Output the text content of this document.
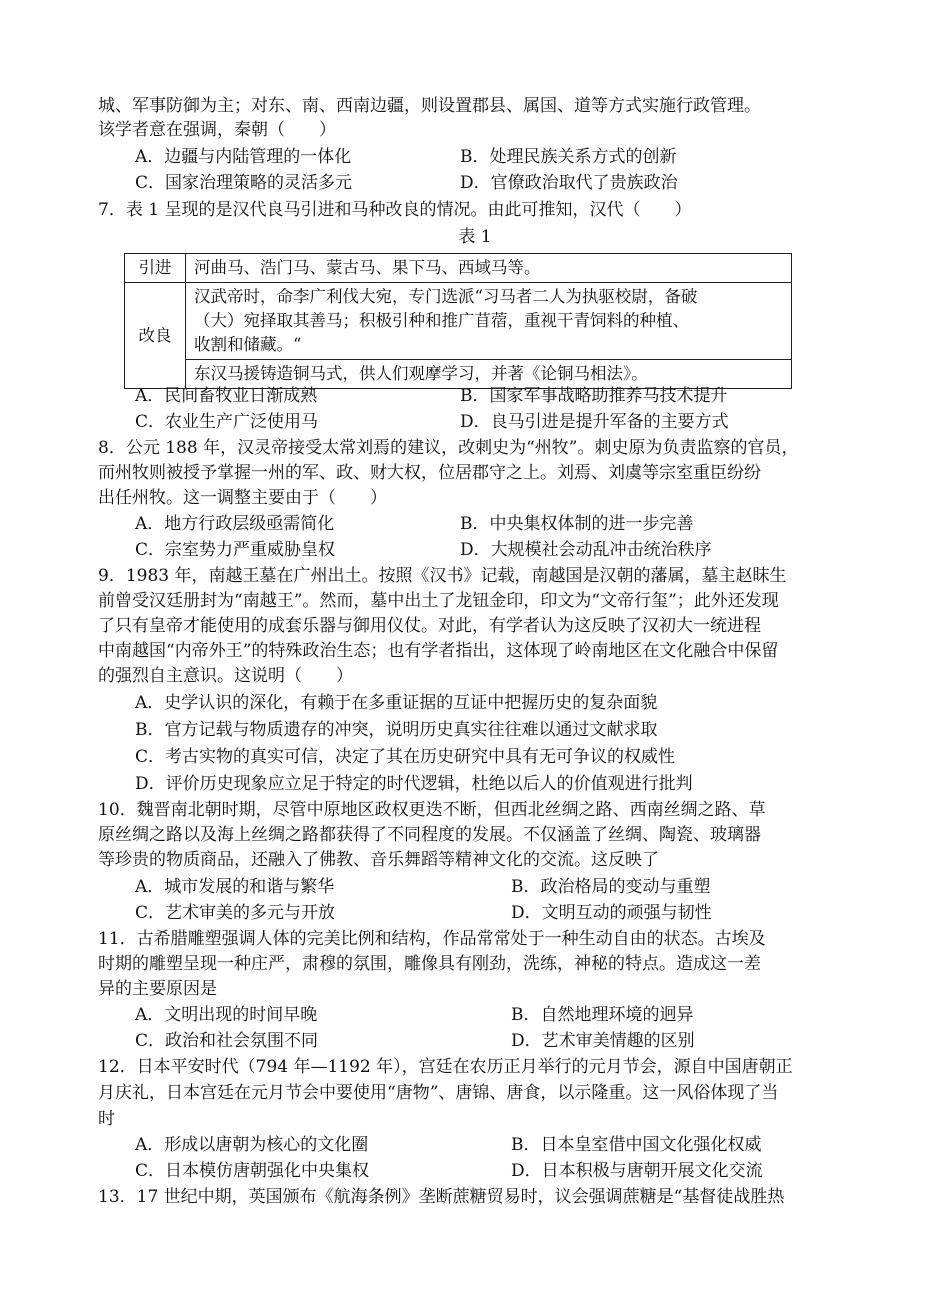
城、军事防御为主；对东、南、西南边疆，则设置郡县、属国、道等方式实施行政管理。
该学者意在强调，秦朝（　　）
A．边疆与内陆管理的一体化	B．处理民族关系方式的创新
C．国家治理策略的灵活多元	D．官僚政治取代了贵族政治
7．表 1 呈现的是汉代良马引进和马种改良的情况。由此可推知，汉代（　　）
表 1
引进	河曲马、浩门马、蒙古马、果下马、西域马等。
改良	汉武帝时，命李广利伐大宛，专门选派“习马者二人为执驱校尉，备破
（大）宛择取其善马；积极引种和推广苜蓿，重视干青饲料的种植、
收割和储藏。“

	东汉马援铸造铜马式，供人们观摩学习，并著《论铜马相法》。
A．民间畜牧业日渐成熟	B．国家军事战略助推养马技术提升
C．农业生产广泛使用马	D．良马引进是提升军备的主要方式
8．公元 188 年，汉灵帝接受太常刘焉的建议，改刺史为“州牧”。刺史原为负责监察的官员，
而州牧则被授予掌握一州的军、政、财大权，位居郡守之上。刘焉、刘虞等宗室重臣纷纷
出任州牧。这一调整主要由于（　　）
A．地方行政层级亟需简化	B．中央集权体制的进一步完善
C．宗室势力严重威胁皇权	D．大规模社会动乱冲击统治秩序
9．1983 年，南越王墓在广州出土。按照《汉书》记载，南越国是汉朝的藩属，墓主赵眜生
前曾受汉廷册封为“南越王”。然而，墓中出土了龙钮金印，印文为“文帝行玺”；此外还发现
了只有皇帝才能使用的成套乐器与御用仪仗。对此，有学者认为这反映了汉初大一统进程
中南越国“内帝外王”的特殊政治生态；也有学者指出，这体现了岭南地区在文化融合中保留
的强烈自主意识。这说明（　　）
A．史学认识的深化，有赖于在多重证据的互证中把握历史的复杂面貌
B．官方记载与物质遗存的冲突，说明历史真实往往难以通过文献求取
C．考古实物的真实可信，决定了其在历史研究中具有无可争议的权威性
D．评价历史现象应立足于特定的时代逻辑，杜绝以后人的价值观进行批判
10．魏晋南北朝时期，尽管中原地区政权更迭不断，但西北丝绸之路、西南丝绸之路、草
原丝绸之路以及海上丝绸之路都获得了不同程度的发展。不仅涵盖了丝绸、陶瓷、玻璃器
等珍贵的物质商品，还融入了佛教、音乐舞蹈等精神文化的交流。这反映了
A．城市发展的和谐与繁华	B．政治格局的变动与重塑
C．艺术审美的多元与开放	D．文明互动的顽强与韧性
11．古希腊雕塑强调人体的完美比例和结构，作品常常处于一种生动自由的状态。古埃及
时期的雕塑呈现一种庄严，肃穆的氛围，雕像具有刚劲，洗练，神秘的特点。造成这一差
异的主要原因是
A．文明出现的时间早晚	B．自然地理环境的迥异
C．政治和社会氛围不同	D．艺术审美情趣的区别
12．日本平安时代（794 年—1192 年），宫廷在农历正月举行的元月节会，源自中国唐朝正
月庆礼，日本宫廷在元月节会中要使用“唐物”、唐锦、唐食，以示隆重。这一风俗体现了当
时
A．形成以唐朝为核心的文化圈	B．日本皇室借中国文化强化权威
C．日本模仿唐朝强化中央集权	D．日本积极与唐朝开展文化交流
13．17 世纪中期，英国颁布《航海条例》垄断蔗糖贸易时，议会强调蔗糖是“基督徒战胜热
